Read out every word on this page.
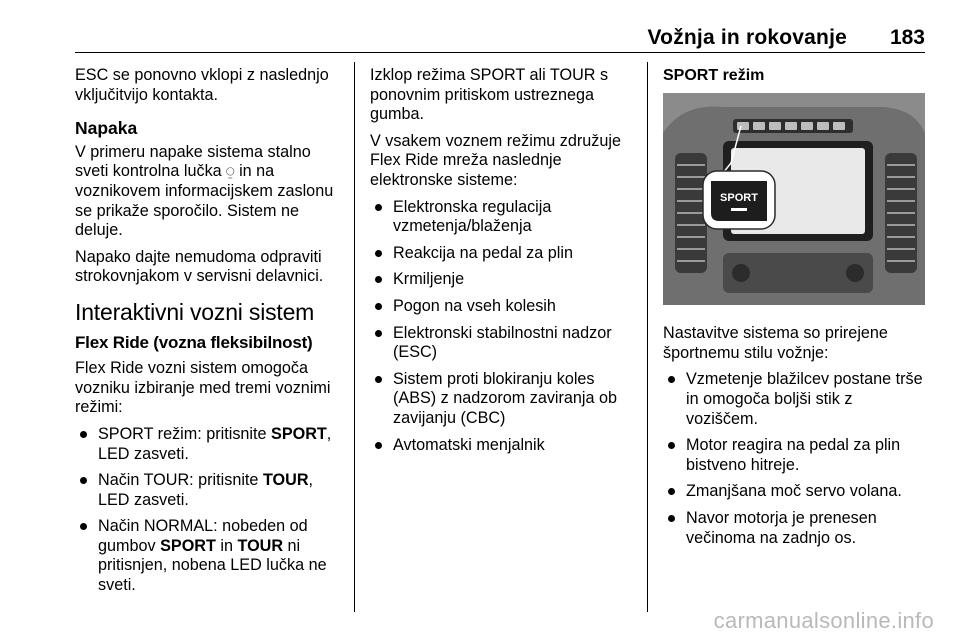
Vožnja in rokovanje 183

ESC se ponovno vklopi z naslednjo vključitvijo kontakta.

Napaka

V primeru napake sistema stalno sveti kontrolna lučka ⍜ in na voznikovem informacijskem zaslonu se prikaže sporočilo. Sistem ne deluje.

Napako dajte nemudoma odpraviti strokovnjakom v servisni delavnici.

Interaktivni vozni sistem
Flex Ride (vozna fleksibilnost)

Flex Ride vozni sistem omogoča vozniku izbiranje med tremi voznimi režimi:

SPORT režim: pritisnite SPORT, LED zasveti.
Način TOUR: pritisnite TOUR, LED zasveti.
Način NORMAL: nobeden od gumbov SPORT in TOUR ni pritisnjen, nobena LED lučka ne sveti.

Izklop režima SPORT ali TOUR s ponovnim pritiskom ustreznega gumba.

V vsakem voznem režimu združuje Flex Ride mreža naslednje elektronske sisteme:

Elektronska regulacija vzmetenja/blaženja
Reakcija na pedal za plin
Krmiljenje
Pogon na vseh kolesih
Elektronski stabilnostni nadzor (ESC)
Sistem proti blokiranju koles (ABS) z nadzorom zaviranja ob zavijanju (CBC)
Avtomatski menjalnik
SPORT režim
SPORT

Nastavitve sistema so prirejene športnemu stilu vožnje:

Vzmetenje blažilcev postane trše in omogoča boljši stik z voziščem.
Motor reagira na pedal za plin bistveno hitreje.
Zmanjšana moč servo volana.
Navor motorja je prenesen večinoma na zadnjo os.
carmanualsonline.info
